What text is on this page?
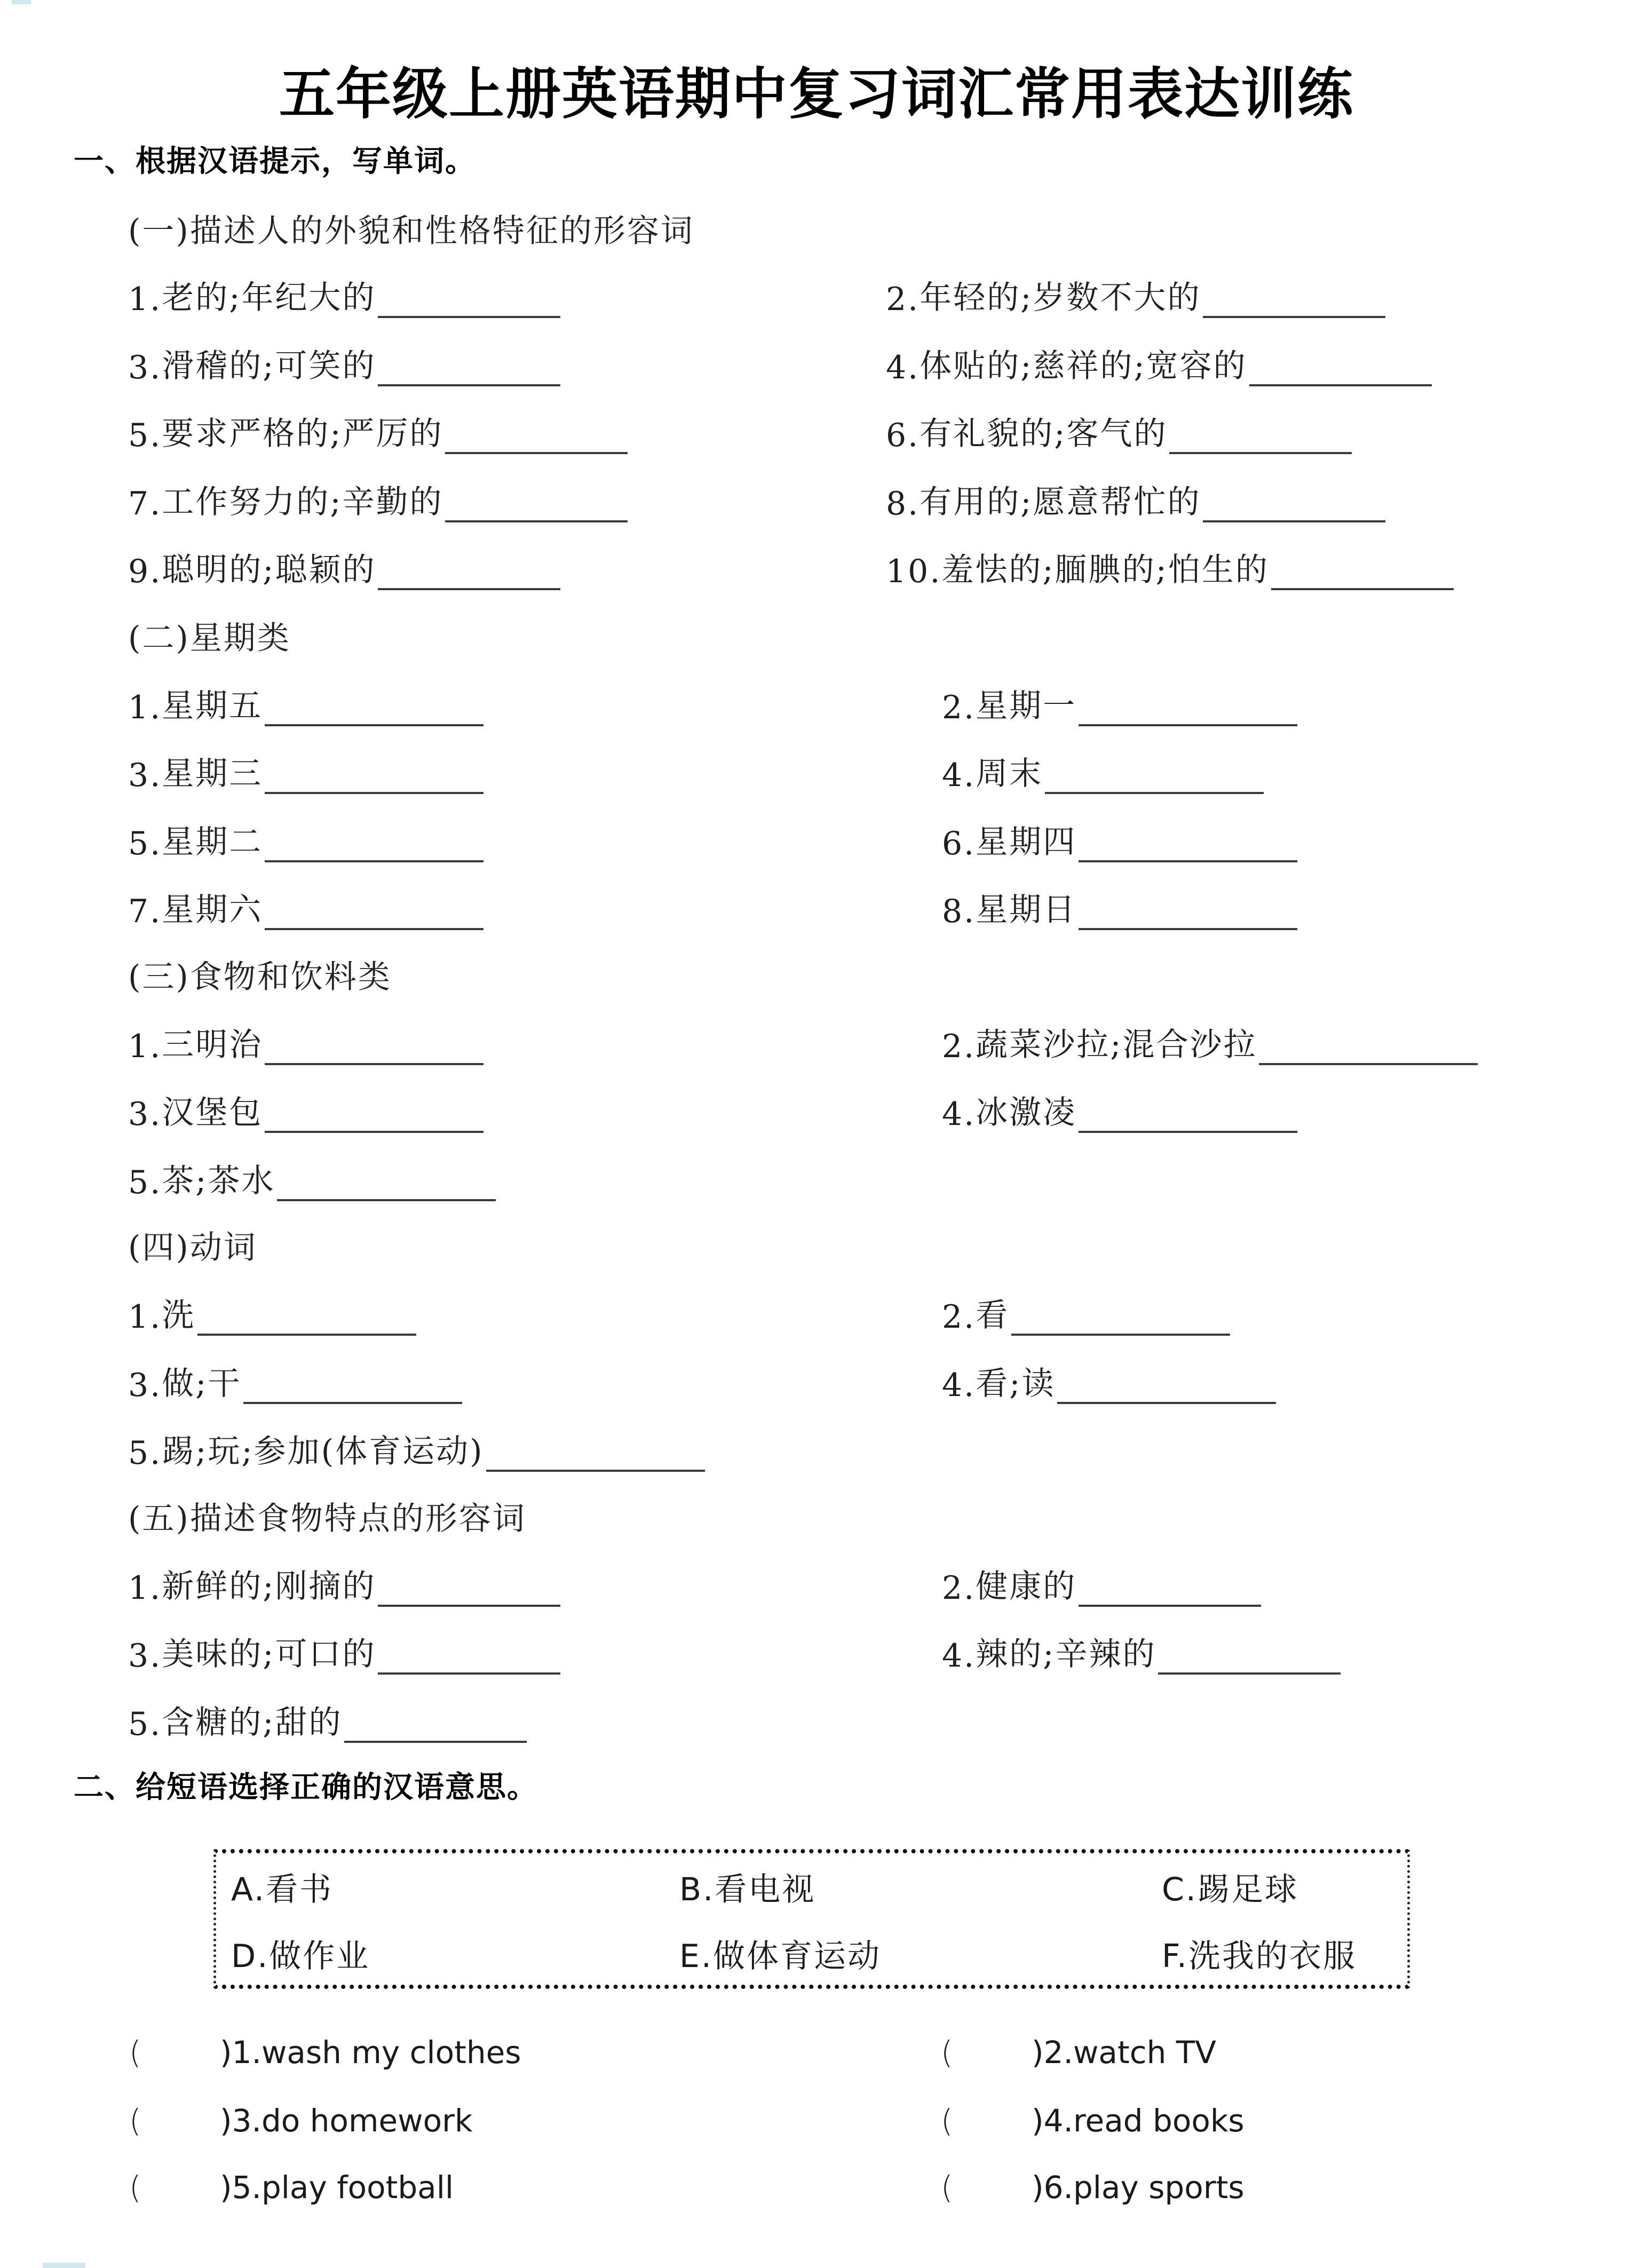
五年级上册英语期中复习词汇常用表达训练
一、根据汉语提示，写单词。
(一)描述人的外貌和性格特征的形容词
1. 老的;年纪大的	2. 年轻的;岁数不大的
3. 滑稽的;可笑的	4. 体贴的;慈祥的;宽容的
5. 要求严格的;严厉的	6. 有礼貌的;客气的
7. 工作努力的;辛勤的	8. 有用的;愿意帮忙的
9. 聪明的;聪颖的	10. 羞怯的;腼腆的;怕生的
(二)星期类
1. 星期五	2. 星期一
3. 星期三	4. 周末
5. 星期二	6. 星期四
7. 星期六	8. 星期日
(三)食物和饮料类
1. 三明治	2. 蔬菜沙拉;混合沙拉
3. 汉堡包	4. 冰激凌
5. 茶;茶水
(四)动词
1. 洗	2. 看
3. 做;干	4. 看;读
5. 踢;玩;参加(体育运动)
(五)描述食物特点的形容词
1. 新鲜的;刚摘的	2. 健康的
3. 美味的;可口的	4. 辣的;辛辣的
5. 含糖的;甜的
二、给短语选择正确的汉语意思。
A.看书	B.看电视	C.踢足球
D.做作业	E.做体育运动	F.洗我的衣服
(	) 1. wash my clothes	(	) 2. watch TV
(	) 3. do homework	(	) 4. read books
(	) 5. play football	(	) 6. play sports
